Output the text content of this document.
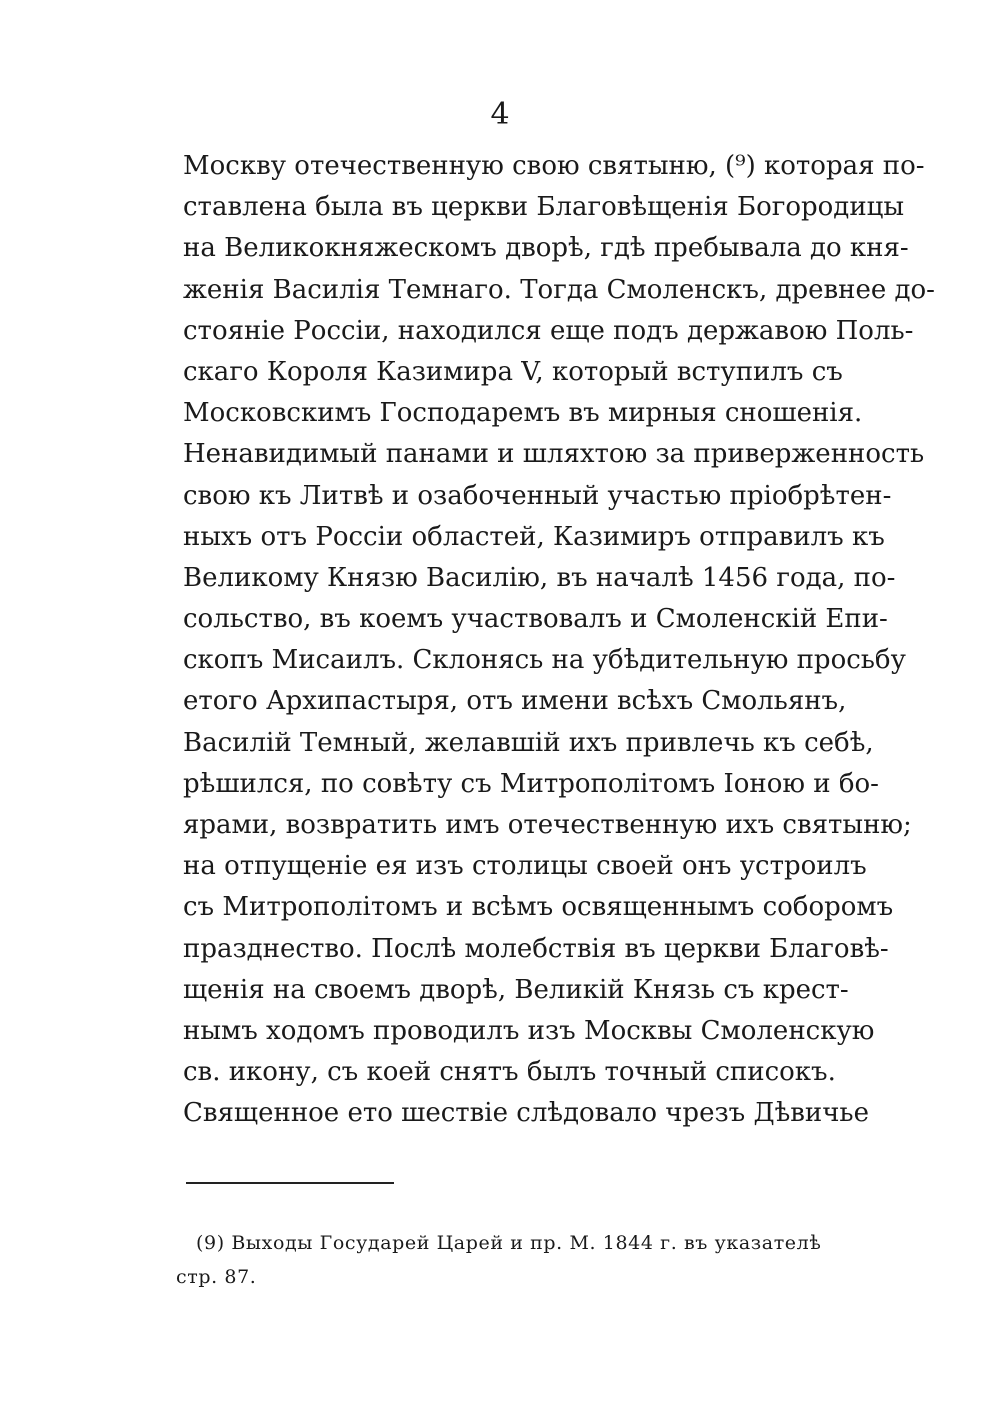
4
Москву отечественную свою святыню, (⁹) которая по-
ставлена была въ церкви Благовѣщенія Богородицы
на Великокняжескомъ дворѣ, гдѣ пребывала до кня-
женія Василія Темнаго. Тогда Смоленскъ, древнее до-
стояніе Россіи, находился еще подъ державою Поль-
скаго Короля Казимира V, который вступилъ съ
Московскимъ Господаремъ въ мирныя сношенія.
Ненавидимый панами и шляхтою за приверженность
свою къ Литвѣ и озабоченный участью пріобрѣтен-
ныхъ отъ Россіи областей, Казимиръ отправилъ къ
Великому Князю Василію, въ началѣ 1456 года, по-
сольство, въ коемъ участвовалъ и Смоленскій Епи-
скопъ Мисаилъ. Склонясь на убѣдительную просьбу
етого Архипастыря, отъ имени всѣхъ Смольянъ,
Василій Темный, желавшій ихъ привлечь къ себѣ,
рѣшился, по совѣту съ Митрополітомъ Іоною и бо-
ярами, возвратить имъ отечественную ихъ святыню;
на отпущеніе ея изъ столицы своей онъ устроилъ
съ Митрополітомъ и всѣмъ освященнымъ соборомъ
празднество. Послѣ молебствія въ церкви Благовѣ-
щенія на своемъ дворѣ, Великій Князь съ крест-
нымъ ходомъ проводилъ изъ Москвы Смоленскую
св. икону, съ коей снятъ былъ точный списокъ.
Священное ето шествіе слѣдовало чрезъ Дѣвичье
(9) Выходы Государей Царей и пр. М. 1844 г. въ указателѣ
стр. 87.
